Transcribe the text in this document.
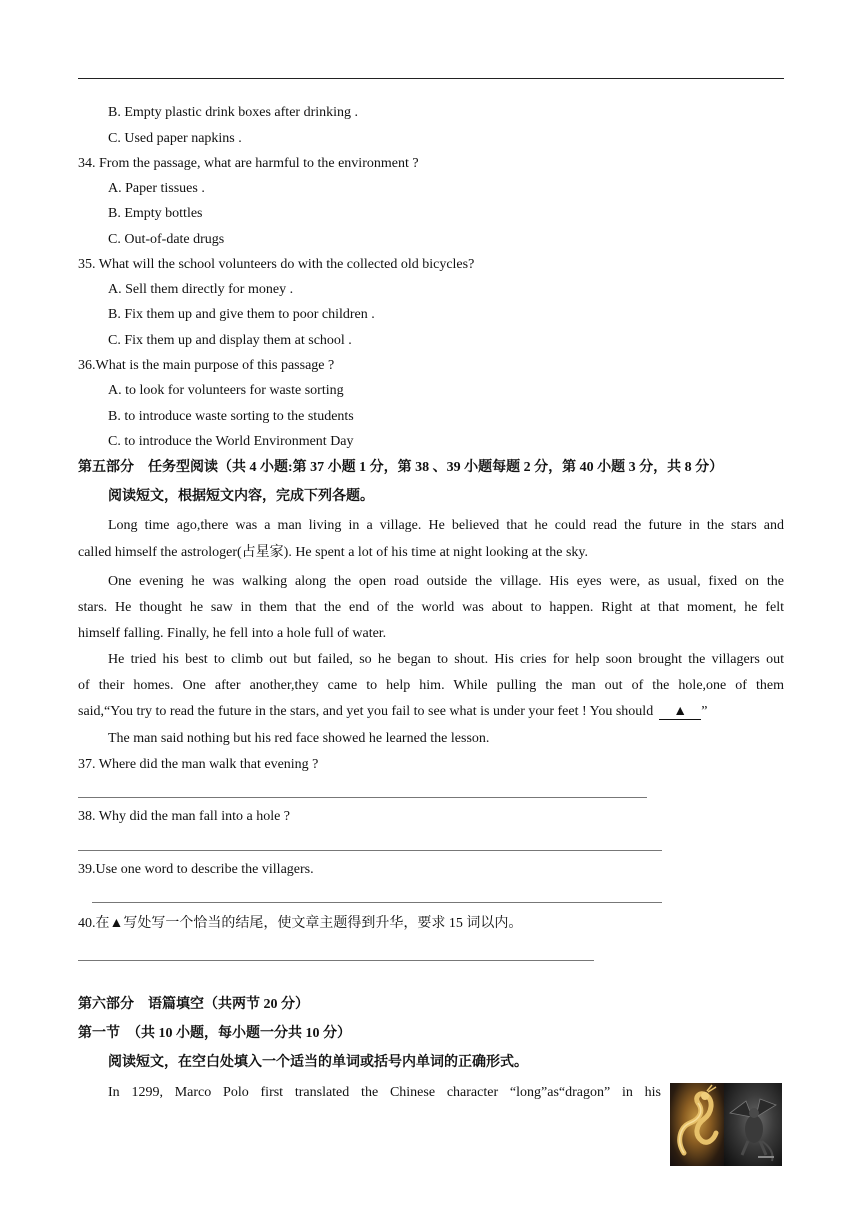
B. Empty plastic drink boxes after drinking .
C. Used paper napkins .
34. From the passage, what are harmful to the environment ?
A. Paper tissues .
B. Empty bottles
C. Out-of-date drugs
35. What will the school volunteers do with the collected old bicycles?
A. Sell them directly for money .
B. Fix them up and give them to poor children .
C. Fix them up and display them at school .
36.What is the main purpose of this passage ?
A. to look for volunteers for waste sorting
B. to introduce waste sorting to the students
C. to introduce the World Environment Day
第五部分　任务型阅读（共 4 小题:第 37 小题 1 分，第 38 、39 小题每题 2 分，第 40 小题 3 分，共 8 分）
阅读短文，根据短文内容，完成下列各题。
Long time ago,there was a man living in a village. He believed that he could read the future in the stars and
called himself the astrologer(占星家). He spent a lot of his time at night looking at the sky.
One evening he was walking along the open road outside the village. His eyes were, as usual, fixed on the
stars. He thought he saw in them that the end of the world was about to happen. Right at that moment, he felt
himself falling. Finally, he fell into a hole full of water.
He tried his best to climb out but failed, so he began to shout. His cries for help soon brought the villagers out
of their homes. One after another,they came to help him. While pulling the man out of the hole,one of them
said,“You try to read the future in the stars, and yet you fail to see what is under your feet ! You should ▲ ”
The man said nothing but his red face showed he learned the lesson.
37. Where did the man walk that evening ?
38. Why did the man fall into a hole ?
39.Use one word to describe the villagers.
40.在▲写处写一个恰当的结尾，使文章主题得到升华，要求 15 词以内。
第六部分　语篇填空（共两节 20 分）
第一节　（共 10 小题，每小题一分共 10 分）
阅读短文，在空白处填入一个适当的单词或括号内单词的正确形式。
In 1299, Marco Polo first translated the Chinese character “long”as“dragon” in his
